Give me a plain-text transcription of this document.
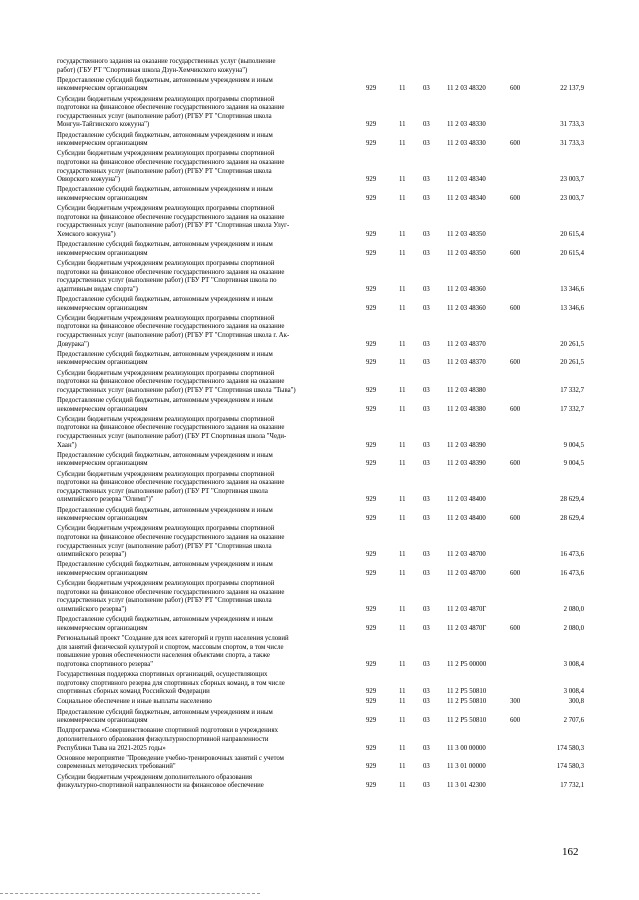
государственного задания на оказание государственных услуг (выполнение
работ) (ГБУ РТ "Спортивная школа Дзун-Хемчикского кожууна")
Предоставление субсидий бюджетным, автономным учреждениям и иным
некоммерческим организациям	929	11	03	11 2 03 48320	600	22 137,9
Субсидии бюджетным учреждениям реализующих программы спортивной
подготовки на финансовое обеспечение государственного задания на оказание
государственных услуг (выполнение работ) (РГБУ РТ "Спортивная школа
Монгун-Тайгинского кожууна")	929	11	03	11 2 03 48330	31 733,3
Предоставление субсидий бюджетным, автономным учреждениям и иным
некоммерческим организациям	929	11	03	11 2 03 48330	600	31 733,3
Субсидии бюджетным учреждениям реализующих программы спортивной
подготовки на финансовое обеспечение государственного задания на оказание
государственных услуг (выполнение работ) (РГБУ РТ "Спортивная школа
Овюрского кожууна")	929	11	03	11 2 03 48340	23 003,7
Предоставление субсидий бюджетным, автономным учреждениям и иным
некоммерческим организациям	929	11	03	11 2 03 48340	600	23 003,7
Субсидии бюджетным учреждениям реализующих программы спортивной
подготовки на финансовое обеспечение государственного задания на оказание
государственных услуг (выполнение работ) (РГБУ РТ "Спортивная школа Улуг-
Хемского кожууна")	929	11	03	11 2 03 48350	20 615,4
Предоставление субсидий бюджетным, автономным учреждениям и иным
некоммерческим организациям	929	11	03	11 2 03 48350	600	20 615,4
Субсидии бюджетным учреждениям реализующих программы спортивной
подготовки на финансовое обеспечение государственного задания на оказание
государственных услуг (выполнение работ) (ГБУ РТ "Спортивная школа по
адаптивным видам спорта")	929	11	03	11 2 03 48360	13 346,6
Предоставление субсидий бюджетным, автономным учреждениям и иным
некоммерческим организациям	929	11	03	11 2 03 48360	600	13 346,6
Субсидии бюджетным учреждениям реализующих программы спортивной
подготовки на финансовое обеспечение государственного задания на оказание
государственных услуг (выполнение работ) (РГБУ РТ "Спортивная школа г. Ак-
Довурака")	929	11	03	11 2 03 48370	20 261,5
Предоставление субсидий бюджетным, автономным учреждениям и иным
некоммерческим организациям	929	11	03	11 2 03 48370	600	20 261,5
Субсидии бюджетным учреждениям реализующих программы спортивной
подготовки на финансовое обеспечение государственного задания на оказание
государственных услуг (выполнение работ) (РГБУ РТ "Спортивная школа "Тыва")	929	11	03	11 2 03 48380	17 332,7
Предоставление субсидий бюджетным, автономным учреждениям и иным
некоммерческим организациям	929	11	03	11 2 03 48380	600	17 332,7
Субсидии бюджетным учреждениям реализующих программы спортивной
подготовки на финансовое обеспечение государственного задания на оказание
государственных услуг (выполнение работ) (ГБУ РТ Спортивная школа "Чеди-
Хаан")	929	11	03	11 2 03 48390	9 004,5
Предоставление субсидий бюджетным, автономным учреждениям и иным
некоммерческим организациям	929	11	03	11 2 03 48390	600	9 004,5
Субсидии бюджетным учреждениям реализующих программы спортивной
подготовки на финансовое обеспечение государственного задания на оказание
государственных услуг (выполнение работ) (ГБУ РТ "Спортивная школа
олимпийского резерва "Олимп")"	929	11	03	11 2 03 48400	28 629,4
Предоставление субсидий бюджетным, автономным учреждениям и иным
некоммерческим организациям	929	11	03	11 2 03 48400	600	28 629,4
Субсидии бюджетным учреждениям реализующих программы спортивной
подготовки на финансовое обеспечение государственного задания на оказание
государственных услуг (выполнение работ) (РГБУ РТ "Спортивная школа
олимпийского резерва")	929	11	03	11 2 03 48700	16 473,6
Предоставление субсидий бюджетным, автономным учреждениям и иным
некоммерческим организациям	929	11	03	11 2 03 48700	600	16 473,6
Субсидии бюджетным учреждениям реализующих программы спортивной
подготовки на финансовое обеспечение государственного задания на оказание
государственных услуг (выполнение работ) (РГБУ РТ "Спортивная школа
олимпийского резерва")	929	11	03	11 2 03 4870Г	2 080,0
Предоставление субсидий бюджетным, автономным учреждениям и иным
некоммерческим организациям	929	11	03	11 2 03 4870Г	600	2 080,0
Региональный проект "Создание для всех категорий и групп населения условий
для занятий физической культурой и спортом, массовым спортом, в том числе
повышение уровня обеспеченности населения объектами спорта, а также
подготовка спортивного резерва"	929	11	03	11 2 P5 00000	3 008,4
Государственная поддержка спортивных организаций, осуществляющих
подготовку спортивного резерва для спортивных сборных команд, в том числе
спортивных сборных команд Российской Федерации	929	11	03	11 2 P5 50810	3 008,4
Социальное обеспечение и иные выплаты населению	929	11	03	11 2 P5 50810	300	300,8
Предоставление субсидий бюджетным, автономным учреждениям и иным
некоммерческим организациям	929	11	03	11 2 P5 50810	600	2 707,6
Подпрограмма «Совершенствование спортивной подготовки в учреждениях
дополнительного образования физкультурноспортивной направленности
Республики Тыва на 2021-2025 годы»	929	11	03	11 3 00 00000	174 580,3
Основное мероприятие "Проведение учебно-тренировочных занятий с учетом
современных методических требований"	929	11	03	11 3 01 00000	174 580,3
Субсидии бюджетным учреждениям дополнительного образования
физкультурно-спортивной направленности на финансовое обеспечение	929	11	03	11 3 01 42300	17 732,1
162
